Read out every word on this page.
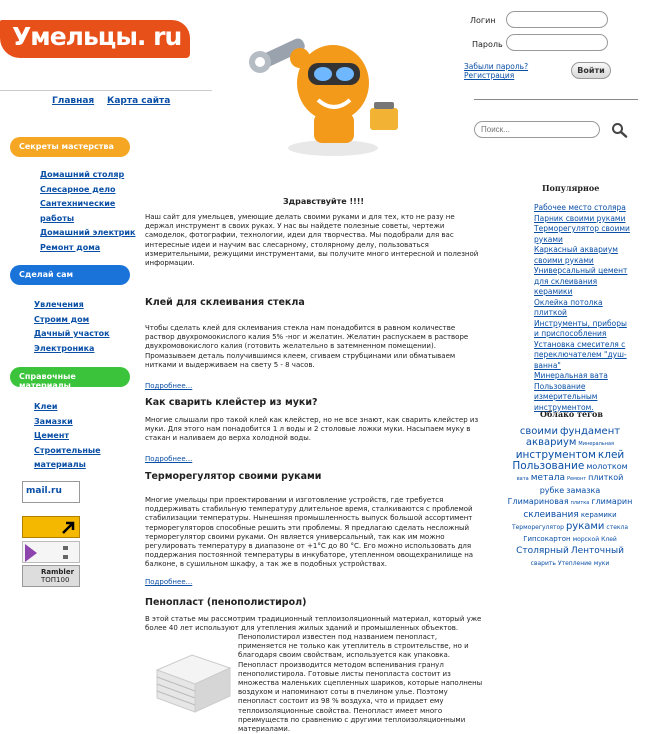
Умельцы. ru
Главная Карта сайта
Логин
Пароль
Забыли пароль?
Регистрация
Войти
Поиск...
Секреты мастерства
Домашний столяр
Слесарное дело
Сантехнические
работы
Домашний электрик
Ремонт дома
Сделай сам
Увлечения
Строим дом
Дачный участок
Электроника
Справочные материалы
Клеи
Замазки
Цемент
Строительные
материалы
mail.ru
Rambler
ТОП100
Здравствуйте !!!!
Наш сайт для умельцев, умеющие делать своими руками и для тех, кто не разу не держал инструмент в своих руках. У нас вы найдете полезные советы, чертежи самоделок, фотографии, технологии, идеи для творчества. Мы подобрали для вас интересные идеи и научим вас слесарному, столярному делу, пользоваться измерительными, режущими инструментами, вы получите много интересной и полезной информации.
Клей для склеивания стекла
Чтобы сделать клей для склеивания стекла нам понадобится в равном количестве раствор двухромоокислого калия 5% -ног и желатин. Желатин распускаем в растворе двухромовокислого калия (готовить желательно в затемненном помещении). Промазываем деталь получившимся клеем, сгиваем струбцинами или обматываем нитками и выдерживаем на свету 5 - 8 часов.
Подробнее...
Как сварить клейстер из муки?
Многие слышали про такой клей как клейстер, но не все знают, как сварить клейстер из муки. Для этого нам понадобится 1 л воды и 2 столовые ложки муки. Насыпаем муку в стакан и наливаем до верха холодной воды.
Подробнее...
Терморегулятор своими руками
Многие умельцы при проектировании и изготовление устройств, где требуется поддерживать стабильную температуру длительное время, сталкиваются с проблемой стабилизации температуры. Нынешняя промышленность выпуск большой ассортимент терморегуляторов способные решить эти проблемы. Я предлагаю сделать несложный терморегулятор своими руками. Он является универсальный, так как им можно регулировать температуру в диапазоне от +1°C до 80 °C. Его можно использовать для поддержания постоянной температуры в инкубаторе, утепленном овощехранилище на балконе, в сушильном шкафу, а так же в подобных устройствах.
Подробнее...
Пенопласт (пенополистирол)
В этой статье мы рассмотрим традиционный теплоизоляционный материал, который уже более 40 лет используют для утепления жилых зданий и промышленных объектов.
Пенополистирол известен под названием пенопласт, применяется не только как утеплитель в строительстве, но и благодаря своим свойствам, используется как упаковка. Пенопласт производится методом вспенивания гранул пенополистирола. Готовые листы пенопласта состоит из множества маленьких сцепленных шариков, которые наполнены воздухом и напоминают соты в пчелином улье. Поэтому пенопласт состоит из 98 % воздуха, что и придает ему теплоизоляционные свойства. Пенопласт имеет много преимуществ по сравнению с другими теплоизоляционными материалами.
Популярное
Рабочее место столяра
Парник своими руками
Терморегулятор своими руками
Каркасный аквариум своими руками
Универсальный цемент для склеивания керамики
Оклейка потолка плиткой
Инструменты, приборы и приспособления
Установка смесителя с переключателем "душ-ванна"
Минеральная вата
Пользование измерительным инструментом.
Облако тегов
своими фундамент аквариум Минеральная инструментом клей Пользование молотком вата метала Ремонт плиткой рубке замазка Глимариновая плитка глимарин склеивания керамики Терморегулятор руками стекла Гипсокартон морской Клей Столярный Ленточный сварить Утепление муки
